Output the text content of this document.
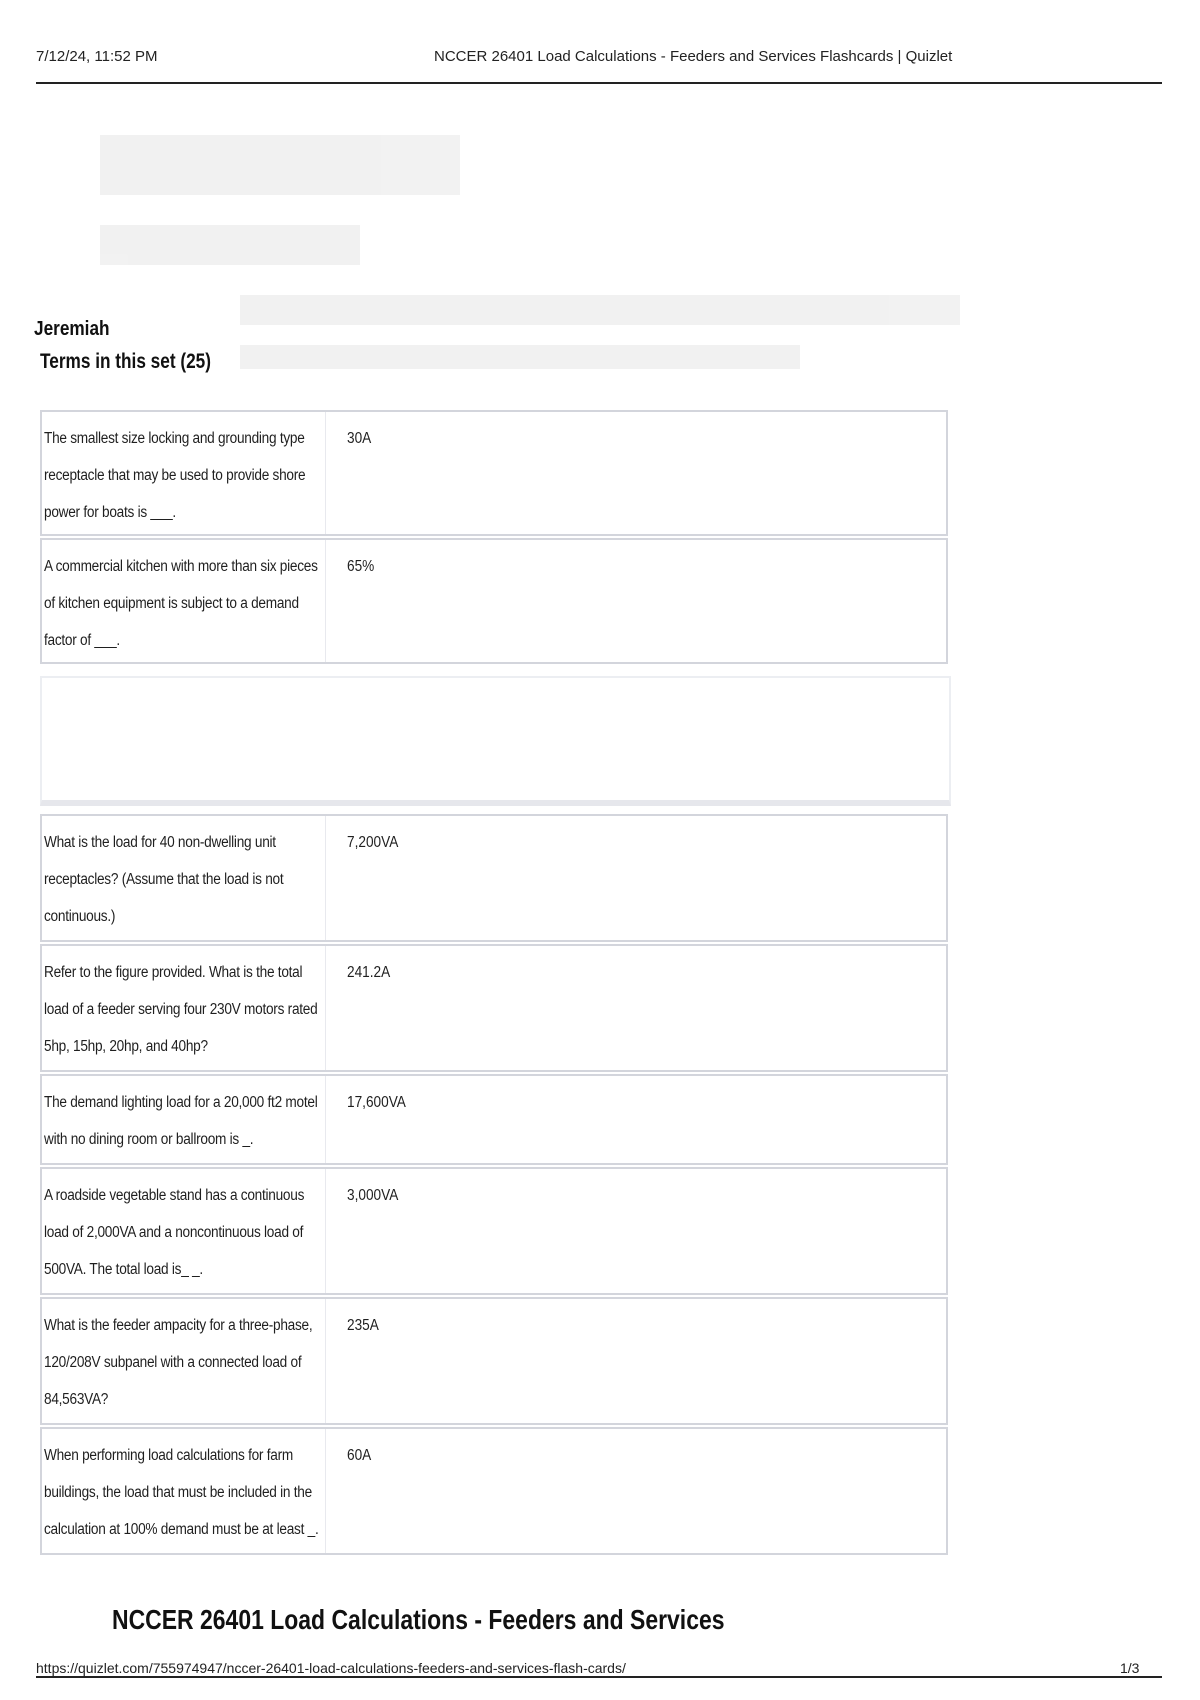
7/12/24, 11:52 PM	NCCER 26401 Load Calculations - Feeders and Services Flashcards | Quizlet
Jeremiah
Terms in this set (25)
The smallest size locking and grounding type receptacle that may be used to provide shore power for boats is ___.
30A
A commercial kitchen with more than six pieces of kitchen equipment is subject to a demand factor of ___.
65%
What is the load for 40 non-dwelling unit receptacles? (Assume that the load is not continuous.)
7,200VA
Refer to the figure provided. What is the total load of a feeder serving four 230V motors rated 5hp, 15hp, 20hp, and 40hp?
241.2A
The demand lighting load for a 20,000 ft2 motel with no dining room or ballroom is _.
17,600VA
A roadside vegetable stand has a continuous load of 2,000VA and a noncontinuous load of 500VA. The total load is_ _.
3,000VA
What is the feeder ampacity for a three-phase, 120/208V subpanel with a connected load of 84,563VA?
235A
When performing load calculations for farm buildings, the load that must be included in the calculation at 100% demand must be at least _.
60A
NCCER 26401 Load Calculations - Feeders and Services
https://quizlet.com/755974947/nccer-26401-load-calculations-feeders-and-services-flash-cards/	1/3
